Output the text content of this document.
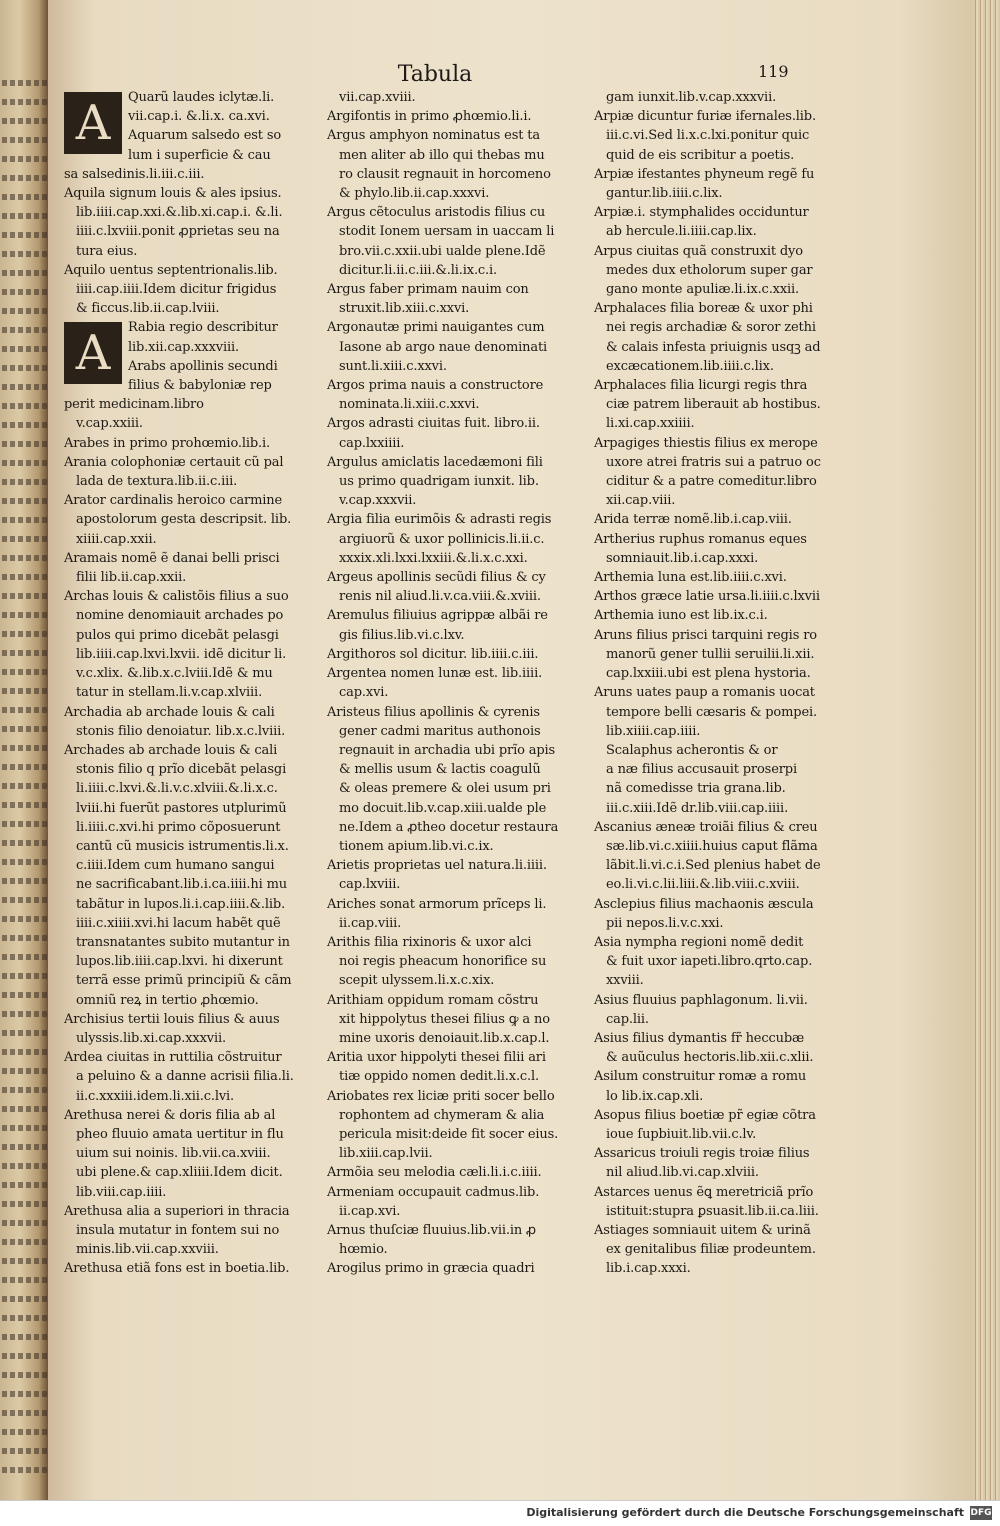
Tabula	119
A	Quarũ laudes iclytæ.li.
vii.cap.i. &.li.x. ca.xvi.
Aquarum salsedo est so
lum i superficie & cau
sa salsedinis.li.iii.c.iii.
Aquila signum louis & ales ipsius.
lib.iiii.cap.xxi.&.lib.xi.cap.i. &.li.
iiii.c.lxviii.ponit ꝓprietas seu na
tura eius.
Aquilo uentus septentrionalis.lib.
iiii.cap.iiii.Idem dicitur frigidus
& ficcus.lib.ii.cap.lviii.
A	Rabia regio describitur
lib.xii.cap.xxxviii.
Arabs apollinis secundi
filius & babyloniæ rep
perit medicinam.libro
v.cap.xxiii.
Arabes in primo prohœmio.lib.i.
Arania colophoniæ certauit cũ pal
lada de textura.lib.ii.c.iii.
Arator cardinalis heroico carmine
apostolorum gesta descripsit. lib.
xiiii.cap.xxii.
Aramais nomẽ ẽ danai belli prisci
filii lib.ii.cap.xxii.
Archas louis & calistõis filius a suo
nomine denomiauit archades po
pulos qui primo dicebãt pelasgi
lib.iiii.cap.lxvi.lxvii. idẽ dicitur li.
v.c.xlix. &.lib.x.c.lviii.Idẽ & mu
tatur in stellam.li.v.cap.xlviii.
Archadia ab archade louis & cali
stonis filio denoiatur. lib.x.c.lviii.
Archades ab archade louis & cali
stonis filio q prĩo dicebãt pelasgi
li.iiii.c.lxvi.&.li.v.c.xlviii.&.li.x.c.
lviii.hi fuerũt pastores utplurimũ
li.iiii.c.xvi.hi primo cõposuerunt
cantũ cũ musicis istrumentis.li.x.
c.iiii.Idem cum humano sangui
ne sacrificabant.lib.i.ca.iiii.hi mu
tabãtur in lupos.li.i.cap.iiii.&.lib.
iiii.c.xiiii.xvi.hi lacum habẽt quẽ
transnatantes subito mutantur in
lupos.lib.iiii.cap.lxvi. hi dixerunt
terrã esse primũ principiũ & cãm
omniũ reꝝ in tertio ꝓhœmio.
Archisius tertii louis filius & auus
ulyssis.lib.xi.cap.xxxvii.
Ardea ciuitas in ruttilia cõstruitur
a peluino & a danne acrisii filia.li.
ii.c.xxxiii.idem.li.xii.c.lvi.
Arethusa nerei & doris filia ab al
pheo fluuio amata uertitur in flu
uium sui noinis. lib.vii.ca.xviii.
ubi plene.& cap.xliiii.Idem dicit.
lib.viii.cap.iiii.
Arethusa alia a superiori in thracia
insula mutatur in fontem sui no
minis.lib.vii.cap.xxviii.
Arethusa etiã fons est in boetia.lib.
vii.cap.xviii.
Argifontis in primo ꝓhœmio.li.i.
Argus amphyon nominatus est ta
men aliter ab illo qui thebas mu
ro clausit regnauit in horcomeno
& phylo.lib.ii.cap.xxxvi.
Argus cẽtoculus aristodis filius cu
stodit Ionem uersam in uaccam li
bro.vii.c.xxii.ubi ualde plene.Idẽ
dicitur.li.ii.c.iii.&.li.ix.c.i.
Argus faber primam nauim con
struxit.lib.xiii.c.xxvi.
Argonautæ primi nauigantes cum
Iasone ab argo naue denominati
sunt.li.xiii.c.xxvi.
Argos prima nauis a constructore
nominata.li.xiii.c.xxvi.
Argos adrasti ciuitas fuit. libro.ii.
cap.lxxiiii.
Argulus amiclatis lacedæmoni fili
us primo quadrigam iunxit. lib.
v.cap.xxxvii.
Argia filia eurimõis & adrasti regis
argiuorũ & uxor pollinicis.li.ii.c.
xxxix.xli.lxxi.lxxiii.&.li.x.c.xxi.
Argeus apollinis secũdi filius & cy
renis nil aliud.li.v.ca.viii.&.xviii.
Aremulus filiuius agrippæ albãi re
gis filius.lib.vi.c.lxv.
Argithoros sol dicitur. lib.iiii.c.iii.
Argentea nomen lunæ est. lib.iiii.
cap.xvi.
Aristeus filius apollinis & cyrenis
gener cadmi maritus authonois
regnauit in archadia ubi prĩo apis
& mellis usum & lactis coagulũ
& oleas premere & olei usum pri
mo docuit.lib.v.cap.xiii.ualde ple
ne.Idem a ꝓtheo docetur restaura
tionem apium.lib.vi.c.ix.
Arietis proprietas uel natura.li.iiii.
cap.lxviii.
Ariches sonat armorum prĩceps li.
ii.cap.viii.
Arithis filia rixinoris & uxor alci
noi regis pheacum honorifice su
scepit ulyssem.li.x.c.xix.
Arithiam oppidum romam cõstru
xit hippolytus thesei filius ꝙ a no
mine uxoris denoiauit.lib.x.cap.l.
Aritia uxor hippolyti thesei filii ari
tiæ oppido nomen dedit.li.x.c.l.
Ariobates rex liciæ priti socer bello
rophontem ad chymeram & alia
pericula misit:deide fit socer eius.
lib.xiii.cap.lvii.
Armõia seu melodia cæli.li.i.c.iiii.
Armeniam occupauit cadmus.lib.
ii.cap.xvi.
Arnus thuſciæ fluuius.lib.vii.in ꝓ
hœmio.
Arogilus primo in græcia quadri
gam iunxit.lib.v.cap.xxxvii.
Arpiæ dicuntur furiæ ifernales.lib.
iii.c.vi.Sed li.x.c.lxi.ponitur quic
quid de eis scribitur a poetis.
Arpiæ ifestantes phyneum regẽ fu
gantur.lib.iiii.c.lix.
Arpiæ.i. stymphalides occiduntur
ab hercule.li.iiii.cap.lix.
Arpus ciuitas quã construxit dyo
medes dux etholorum super gar
gano monte apuliæ.li.ix.c.xxii.
Arphalaces filia boreæ & uxor phi
nei regis archadiæ & soror zethi
& calais infesta priuignis usqꝫ ad
excæcationem.lib.iiii.c.lix.
Arphalaces filia licurgi regis thra
ciæ patrem liberauit ab hostibus.
li.xi.cap.xxiiii.
Arpagiges thiestis filius ex merope
uxore atrei fratris sui a patruo oc
ciditur & a patre comeditur.libro
xii.cap.viii.
Arida terræ nomẽ.lib.i.cap.viii.
Artherius ruphus romanus eques
somniauit.lib.i.cap.xxxi.
Arthemia luna est.lib.iiii.c.xvi.
Arthos græce latie ursa.li.iiii.c.lxvii
Arthemia iuno est lib.ix.c.i.
Aruns filius prisci tarquini regis ro
manorũ gener tullii seruilii.li.xii.
cap.lxxiii.ubi est plena hystoria.
Aruns uates paup a romanis uocat
tempore belli cæsaris & pompei.
lib.xiiii.cap.iiii.
Scalaphus acherontis & or
a næ filius accusauit proserpi
nã comedisse tria grana.lib.
iii.c.xiii.Idẽ dr.lib.viii.cap.iiii.
Ascanius æneæ troiãi filius & creu
sæ.lib.vi.c.xiiii.huius caput flãma
lãbit.li.vi.c.i.Sed plenius habet de
eo.li.vi.c.lii.liii.&.lib.viii.c.xviii.
Asclepius filius machaonis æscula
pii nepos.li.v.c.xxi.
Asia nympha regioni nomẽ dedit
& fuit uxor iapeti.libro.qrto.cap.
xxviii.
Asius fluuius paphlagonum. li.vii.
cap.lii.
Asius filius dymantis fr̃ heccubæ
& auũculus hectoris.lib.xii.c.xlii.
Asilum construitur romæ a romu
lo lib.ix.cap.xli.
Asopus filius boetiæ pr̃ egiæ cõtra
ioue ſupbiuit.lib.vii.c.lv.
Assaricus troiuli regis troiæ filius
nil aliud.lib.vi.cap.xlviii.
Astarces uenus ẽꝗ meretriciã prĩo
istituit:stupra ꝑsuasit.lib.ii.ca.liii.
Astiages somniauit uitem & urinã
ex genitalibus filiæ prodeuntem.
lib.i.cap.xxxi.
Digitalisierung gefördert durch die Deutsche Forschungsgemeinschaft DFG
